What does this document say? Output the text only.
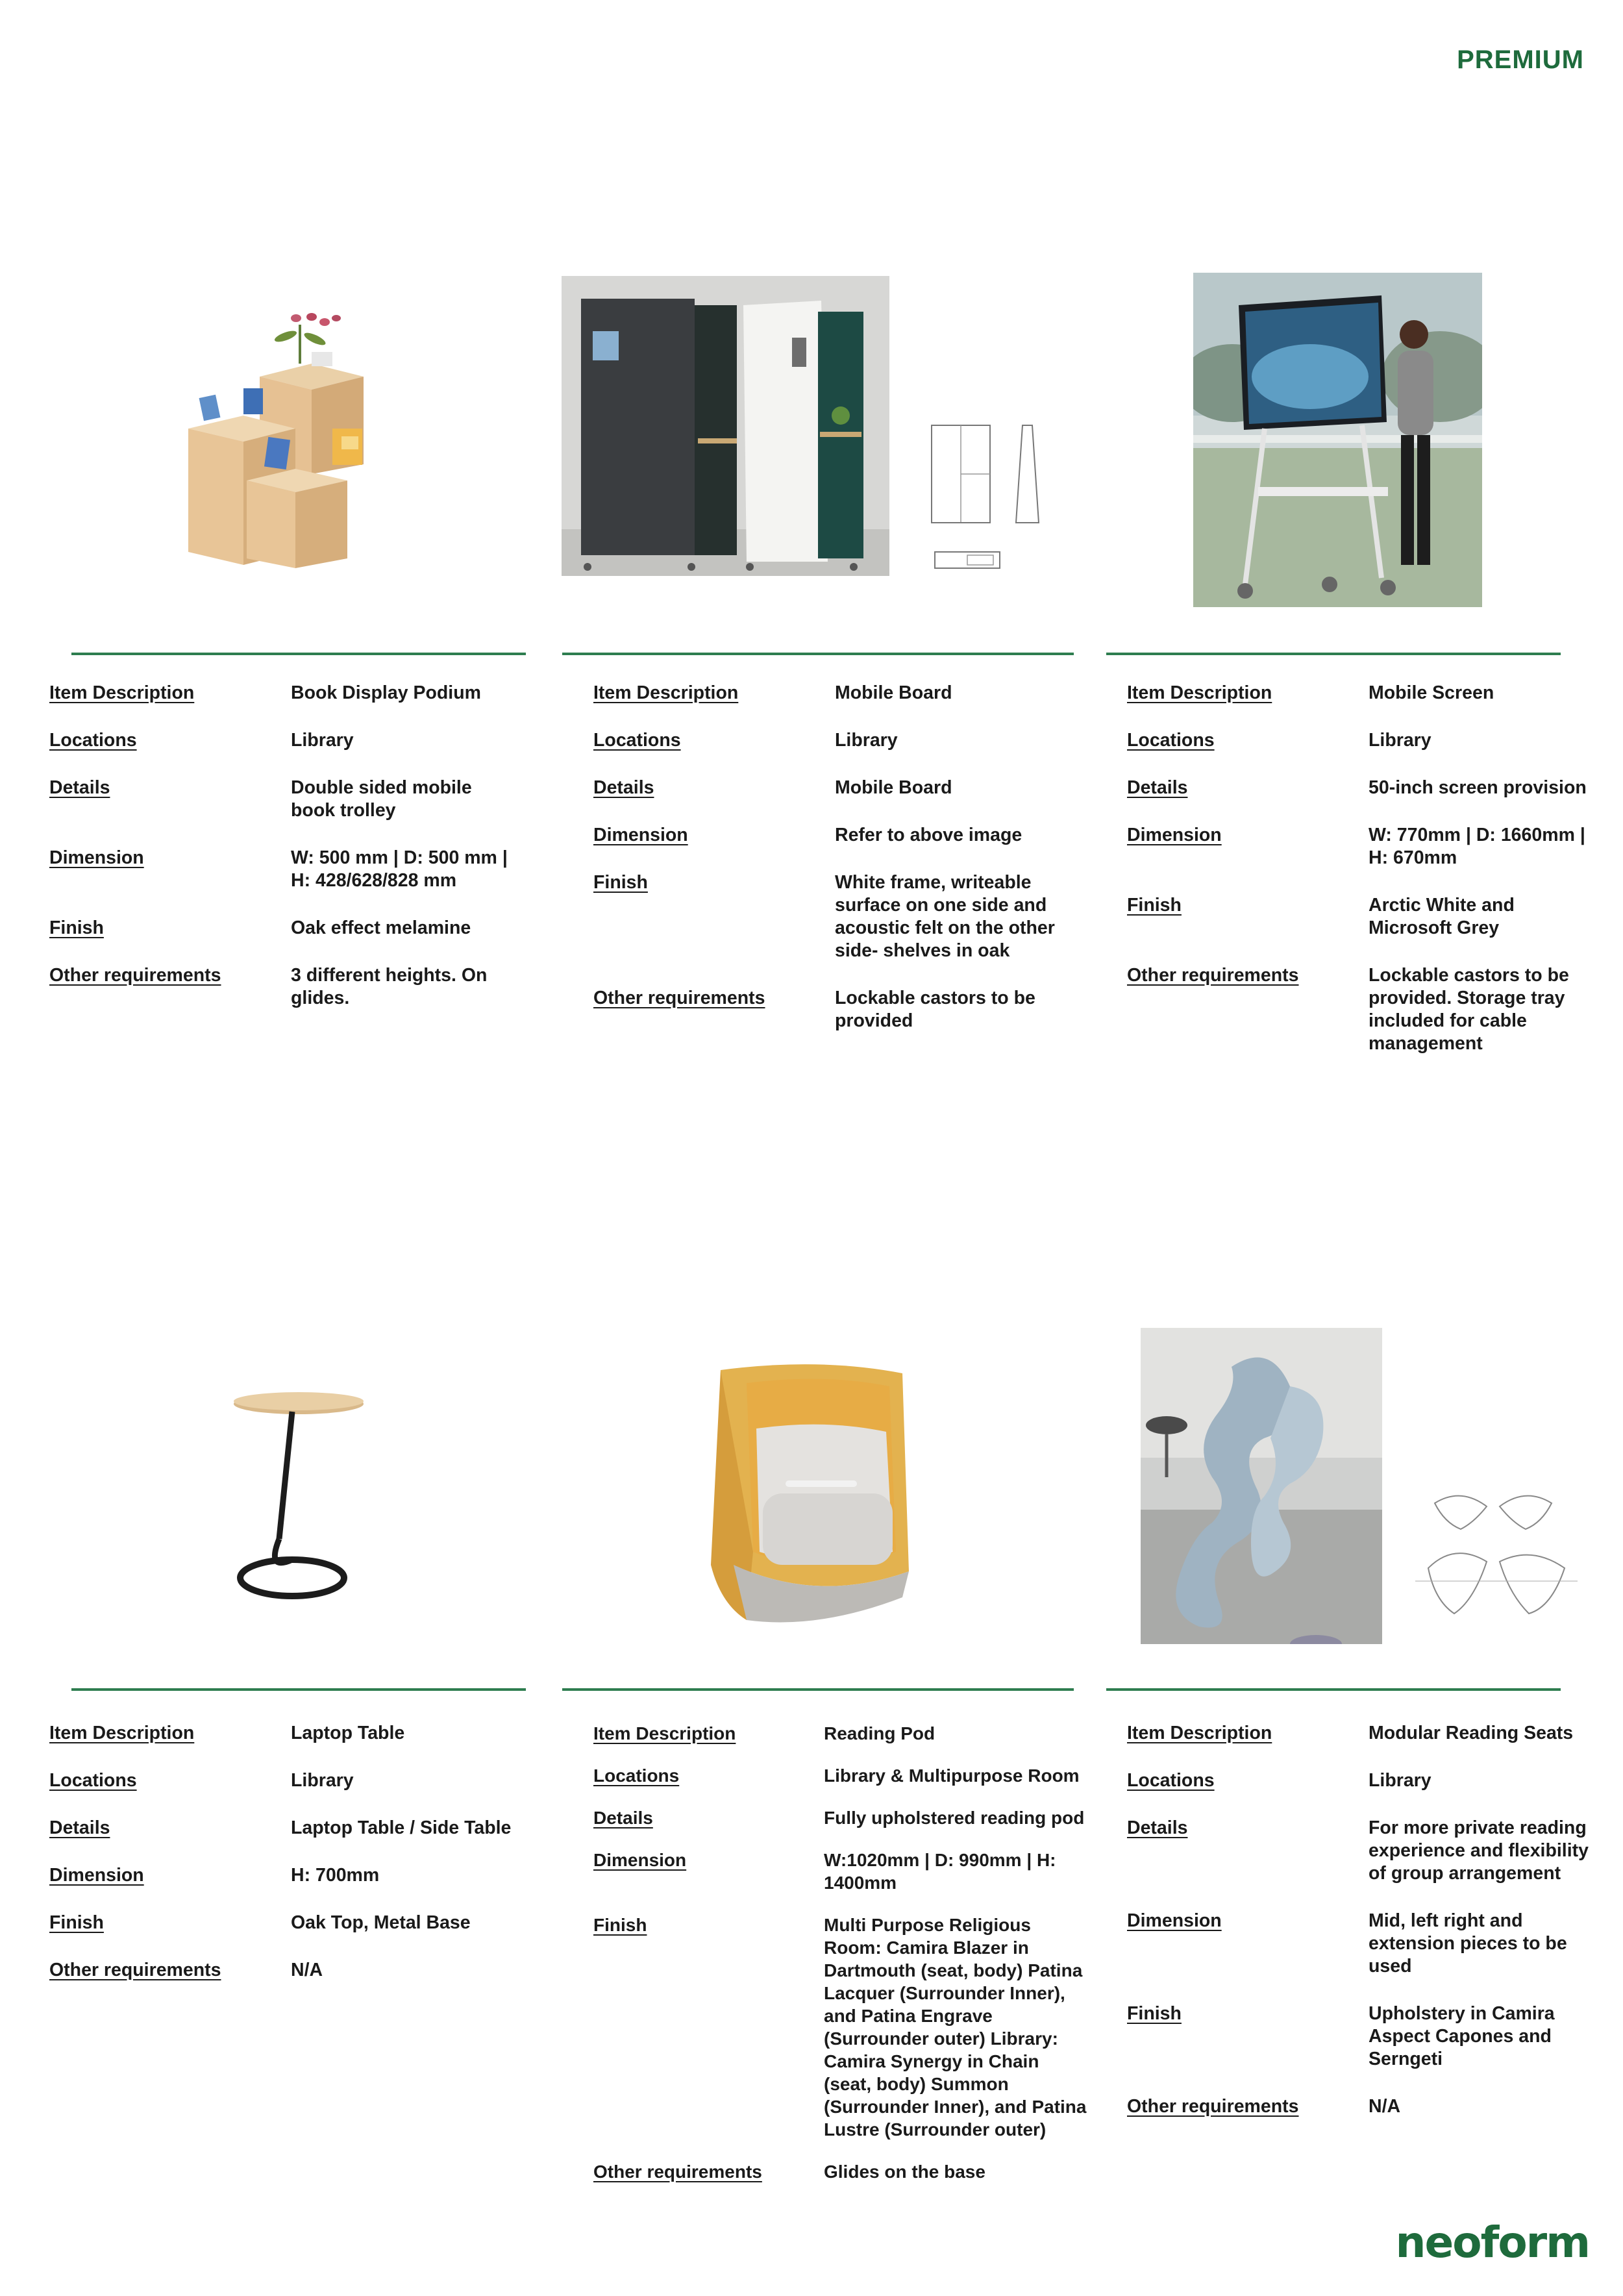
PREMIUM
Item Description	Book Display Podium
Locations	Library
Details	Double sided mobile book trolley
Dimension	W: 500 mm | D: 500 mm | H: 428/628/828 mm
Finish	Oak effect melamine
Other requirements	3 different heights. On glides.
Item Description	Mobile Board
Locations	Library
Details	Mobile Board
Dimension	Refer to above image
Finish	White frame, writeable surface on one side and acoustic felt on the other side- shelves in oak
Other requirements	Lockable castors to be provided
Item Description	Mobile Screen
Locations	Library
Details	50-inch screen provision
Dimension	W: 770mm | D: 1660mm | H: 670mm
Finish	Arctic White and Microsoft Grey
Other requirements	Lockable castors to be provided. Storage tray included for cable management
Item Description	Laptop Table
Locations	Library
Details	Laptop Table / Side Table
Dimension	H: 700mm
Finish	Oak Top, Metal Base
Other requirements	N/A
Item Description	Reading Pod
Locations	Library & Multipurpose Room
Details	Fully upholstered reading pod
Dimension	W:1020mm | D: 990mm | H: 1400mm
Finish	Multi Purpose Religious Room: Camira Blazer in Dartmouth (seat, body) Patina Lacquer (Surrounder Inner), and Patina Engrave (Surrounder outer) Library: Camira Synergy in Chain (seat, body) Summon (Surrounder Inner), and Patina Lustre (Surrounder outer)
Other requirements	Glides on the base
Item Description	Modular Reading Seats
Locations	Library
Details	For more private reading experience and flexibility of group arrangement
Dimension	Mid, left right and extension pieces to be used
Finish	Upholstery in Camira Aspect Capones and Serngeti
Other requirements	N/A
neoform
